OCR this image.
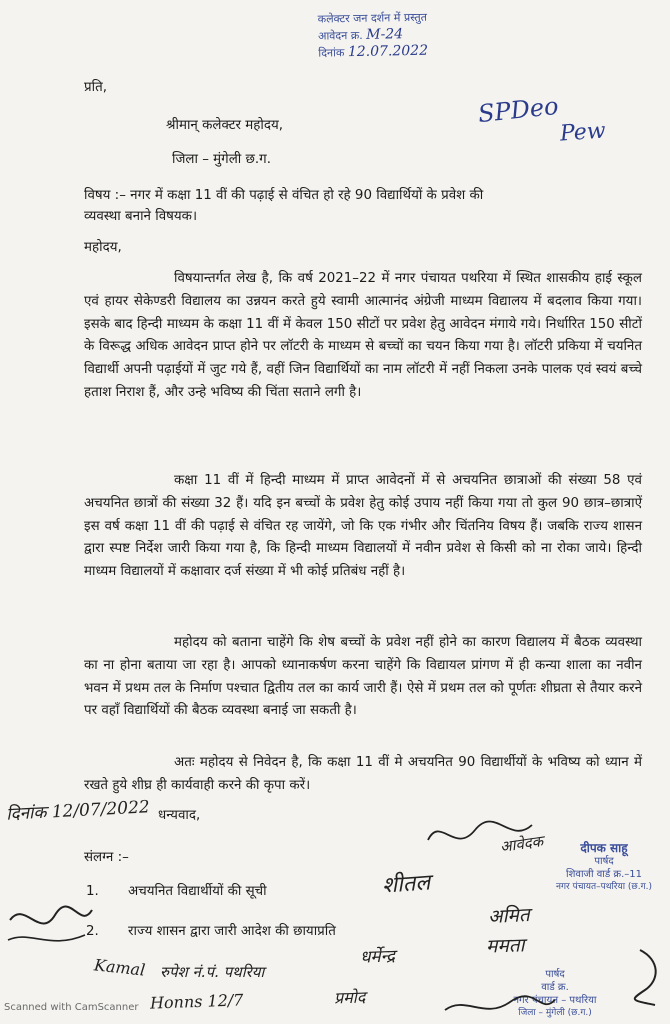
कलेक्टर जन दर्शन में प्रस्तुत
आवेदन क्र. M-24
दिनांक 12.07.2022
प्रति,
श्रीमान् कलेक्टर महोदय,
जिला – मुंगेली छ.ग.
SPDeo
Pew
विषय :– नगर में कक्षा 11 वीं की पढ़ाई से वंचित हो रहे 90 विद्यार्थियों के प्रवेश की
व्यवस्था बनाने विषयक।
महोदय,
विषयान्तर्गत लेख है, कि वर्ष 2021–22 में नगर पंचायत पथरिया में स्थित शासकीय हाई स्कूल एवं हायर सेकेण्डरी विद्यालय का उन्नयन करते हुये स्वामी आत्मानंद अंग्रेजी माध्यम विद्यालय में बदलाव किया गया। इसके बाद हिन्दी माध्यम के कक्षा 11 वीं में केवल 150 सीटों पर प्रवेश हेतु आवेदन मंगाये गये। निर्धारित 150 सीटों के विरूद्ध अधिक आवेदन प्राप्त होने पर लॉटरी के माध्यम से बच्चों का चयन किया गया है। लॉटरी प्रकिया में चयनित विद्यार्थी अपनी पढ़ाईयों में जुट गये हैं, वहीं जिन विद्यार्थियों का नाम लॉटरी में नहीं निकला उनके पालक एवं स्वयं बच्चे हताश निराश हैं, और उन्हे भविष्य की चिंता सताने लगी है।
कक्षा 11 वीं में हिन्दी माध्यम में प्राप्त आवेदनों में से अचयनित छात्राओं की संख्या 58 एवं अचयनित छात्रों की संख्या 32 हैं। यदि इन बच्चों के प्रवेश हेतु कोई उपाय नहीं किया गया तो कुल 90 छात्र–छात्राऐं इस वर्ष कक्षा 11 वीं की पढ़ाई से वंचित रह जायेंगे, जो कि एक गंभीर और चिंतनिय विषय हैं। जबकि राज्य शासन द्वारा स्पष्ट निर्देश जारी किया गया है, कि हिन्दी माध्यम विद्यालयों में नवीन प्रवेश से किसी को ना रोका जाये। हिन्दी माध्यम विद्यालयों में कक्षावार दर्ज संख्या में भी कोई प्रतिबंध नहीं है।
महोदय को बताना चाहेंगे कि शेष बच्चों के प्रवेश नहीं होने का कारण विद्यालय में बैठक व्यवस्था का ना होना बताया जा रहा है। आपको ध्यानाकर्षण करना चाहेंगे कि विद्यायल प्रांगण में ही कन्या शाला का नवीन भवन में प्रथम तल के निर्माण पश्चात द्वितीय तल का कार्य जारी हैं। ऐसे में प्रथम तल को पूर्णतः शीघ्रता से तैयार करने पर वहॉं विद्यार्थियों की बैठक व्यवस्था बनाई जा सकती है।
अतः महोदय से निवेदन है, कि कक्षा 11 वीं मे अचयनित 90 विद्यार्थीयों के भविष्य को ध्यान में रखते हुये शीघ्र ही कार्यवाही करने की कृपा करें।
दिनांक 12/07/2022 धन्यवाद,
संलग्न :–
1. अचयनित विद्यार्थीयों की सूची
2. राज्य शासन द्वारा जारी आदेश की छायाप्रति
दीपक साहू
पार्षद
शिवाजी वार्ड क्र.–11
नगर पंचायत–पथरिया (छ.ग.)
आवेदक
शीतल
अमित
ममता
Kamal रुपेश नं.पं. पथरिया
धर्मेन्द्र
Honns 12/7	प्रमोद
पार्षद
वार्ड क्र.
नगर पंचायत – पथरिया
जिला – मुंगेली (छ.ग.)
Scanned with CamScanner
